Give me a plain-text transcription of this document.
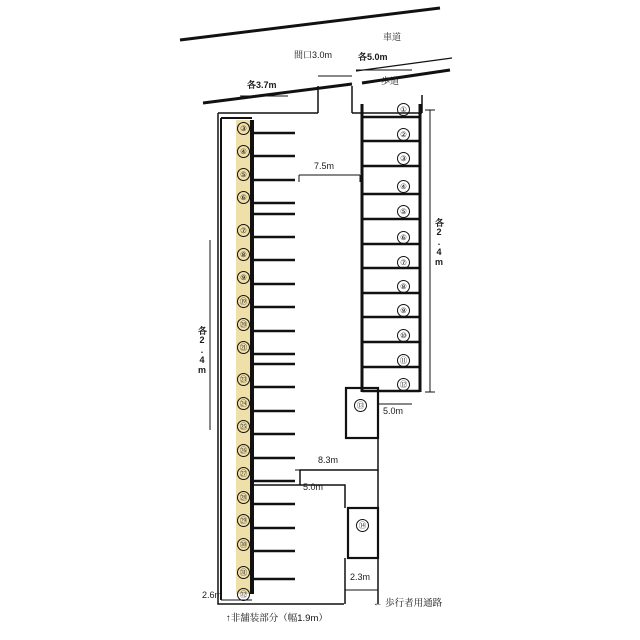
車道
歩道
間口3.0m	各5.0m
各3.7m
7.5m
各2.4m
各2.4m
5.0m
8.3m
5.0m
2.3m
2.6m
← 歩行者用通路
↑非舗装部分（幅1.9m）
③
④
⑤
⑥
⑦
⑧
⑨
⑲
⑳
㉑
㉓
㉔
㉕
㉖
㉗
㉘
㉙
㉚
㉛
㉜
①
②
③
④
⑤
⑥
⑦
⑧
⑨
⑩
⑪
⑫
⑬
⑭
